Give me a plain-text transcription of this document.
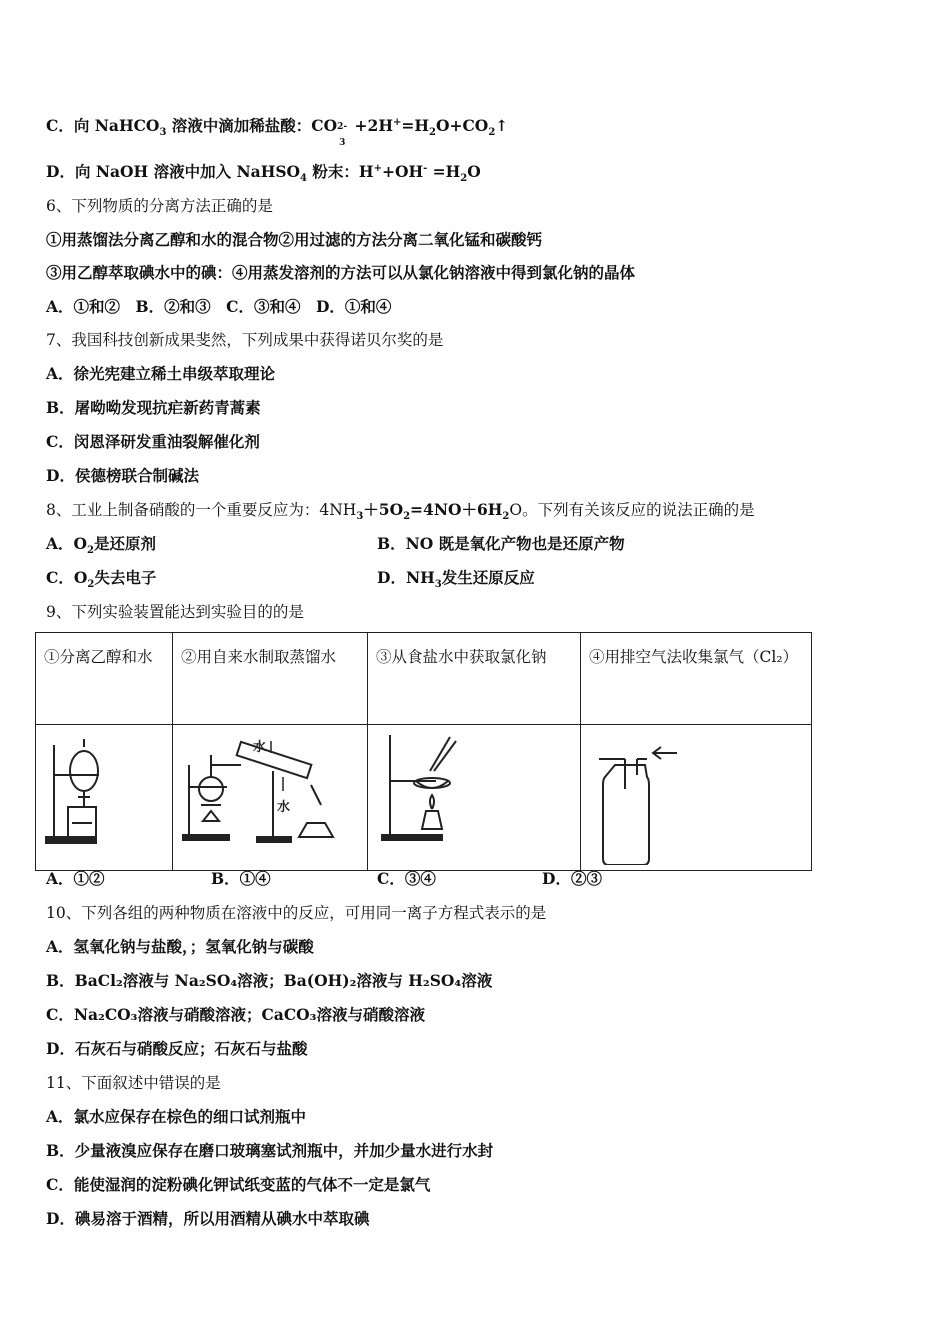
C．向 NaHCO$_3$ 溶液中滴加稀盐酸：CO 2-
3
$+2H^+=H_2O+CO_2↑$
D．向 NaOH 溶液中加入 NaHSO$_4$ 粉末：$H^++OH^- =H_2O$
6、下列物质的分离方法正确的是
①用蒸馏法分离乙醇和水的混合物②用过滤的方法分离二氧化锰和碳酸钙
③用乙醇萃取碘水中的碘：④用蒸发溶剂的方法可以从氯化钠溶液中得到氯化钠的晶体
A．①和②　B．②和③　C．③和④　D．①和④
7、我国科技创新成果斐然，下列成果中获得诺贝尔奖的是
A．徐光宪建立稀土串级萃取理论
B．屠呦呦发现抗疟新药青蒿素
C．闵恩泽研发重油裂解催化剂
D．侯德榜联合制碱法
8、工业上制备硝酸的一个重要反应为：$4NH_3+5O_2=4NO+6H_2O$。下列有关该反应的说法正确的是
A．$O_2$是还原剂	B．NO 既是氧化产物也是还原产物
C．$O_2$失去电子	D．$NH_3$发生还原反应
9、下列实验装置能达到实验目的的是
①分离乙醇和水	②用自来水制取蒸馏水	③从食盐水中获取氯化钠	④用排空气法收集氯气（Cl₂）

水
水

A．①②	B．①④	C．③④	D．②③
10、下列各组的两种物质在溶液中的反应，可用同一离子方程式表示的是
A．氢氧化钠与盐酸，；氢氧化钠与碳酸
B．BaCl₂溶液与 Na₂SO₄溶液；Ba(OH)₂溶液与 H₂SO₄溶液
C．Na₂CO₃溶液与硝酸溶液；CaCO₃溶液与硝酸溶液
D．石灰石与硝酸反应；石灰石与盐酸
11、下面叙述中错误的是
A．氯水应保存在棕色的细口试剂瓶中
B．少量液溴应保存在磨口玻璃塞试剂瓶中，并加少量水进行水封
C．能使湿润的淀粉碘化钾试纸变蓝的气体不一定是氯气
D．碘易溶于酒精，所以用酒精从碘水中萃取碘
